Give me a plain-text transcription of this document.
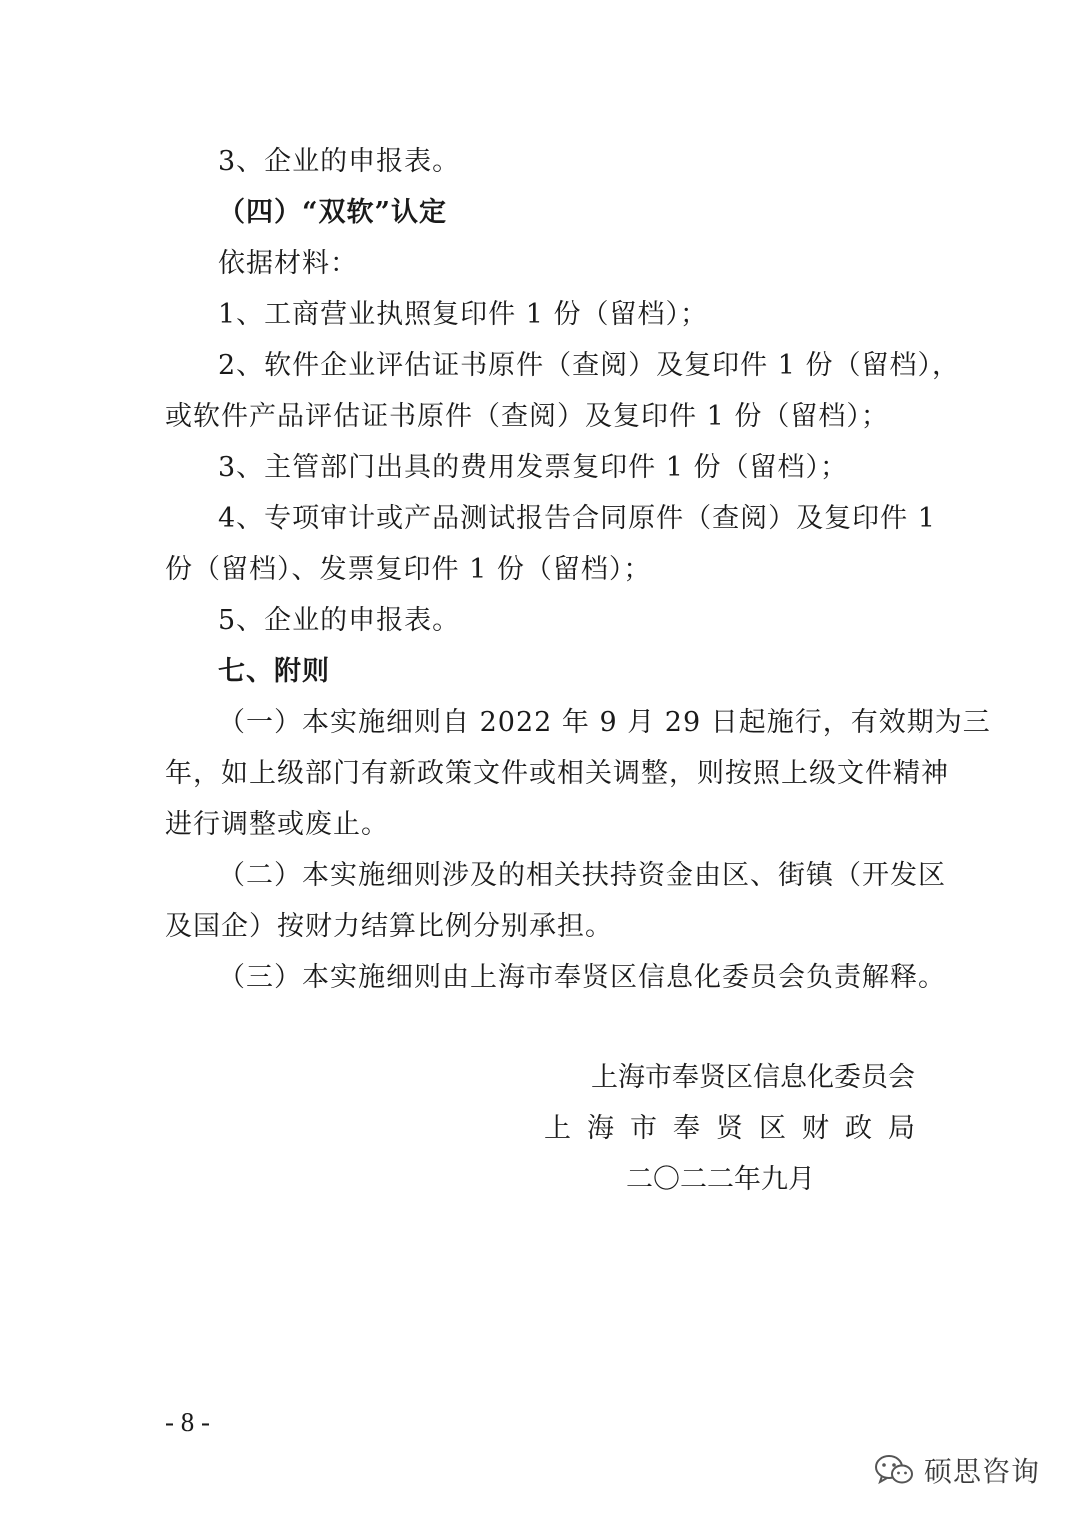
3、企业的申报表。
（四）“双软”认定
依据材料：
1、工商营业执照复印件 1 份（留档）；
2、软件企业评估证书原件（查阅）及复印件 1 份（留档），
或软件产品评估证书原件（查阅）及复印件 1 份（留档）；
3、主管部门出具的费用发票复印件 1 份（留档）；
4、专项审计或产品测试报告合同原件（查阅）及复印件 1
份（留档）、发票复印件 1 份（留档）；
5、企业的申报表。
七、附则
（一）本实施细则自 2022 年 9 月 29 日起施行，有效期为三
年，如上级部门有新政策文件或相关调整，则按照上级文件精神
进行调整或废止。
（二）本实施细则涉及的相关扶持资金由区、街镇（开发区
及国企）按财力结算比例分别承担。
（三）本实施细则由上海市奉贤区信息化委员会负责解释。
上海市奉贤区信息化委员会
上海市奉贤区财政局
二〇二二年九月
- 8 -
硕思咨询
